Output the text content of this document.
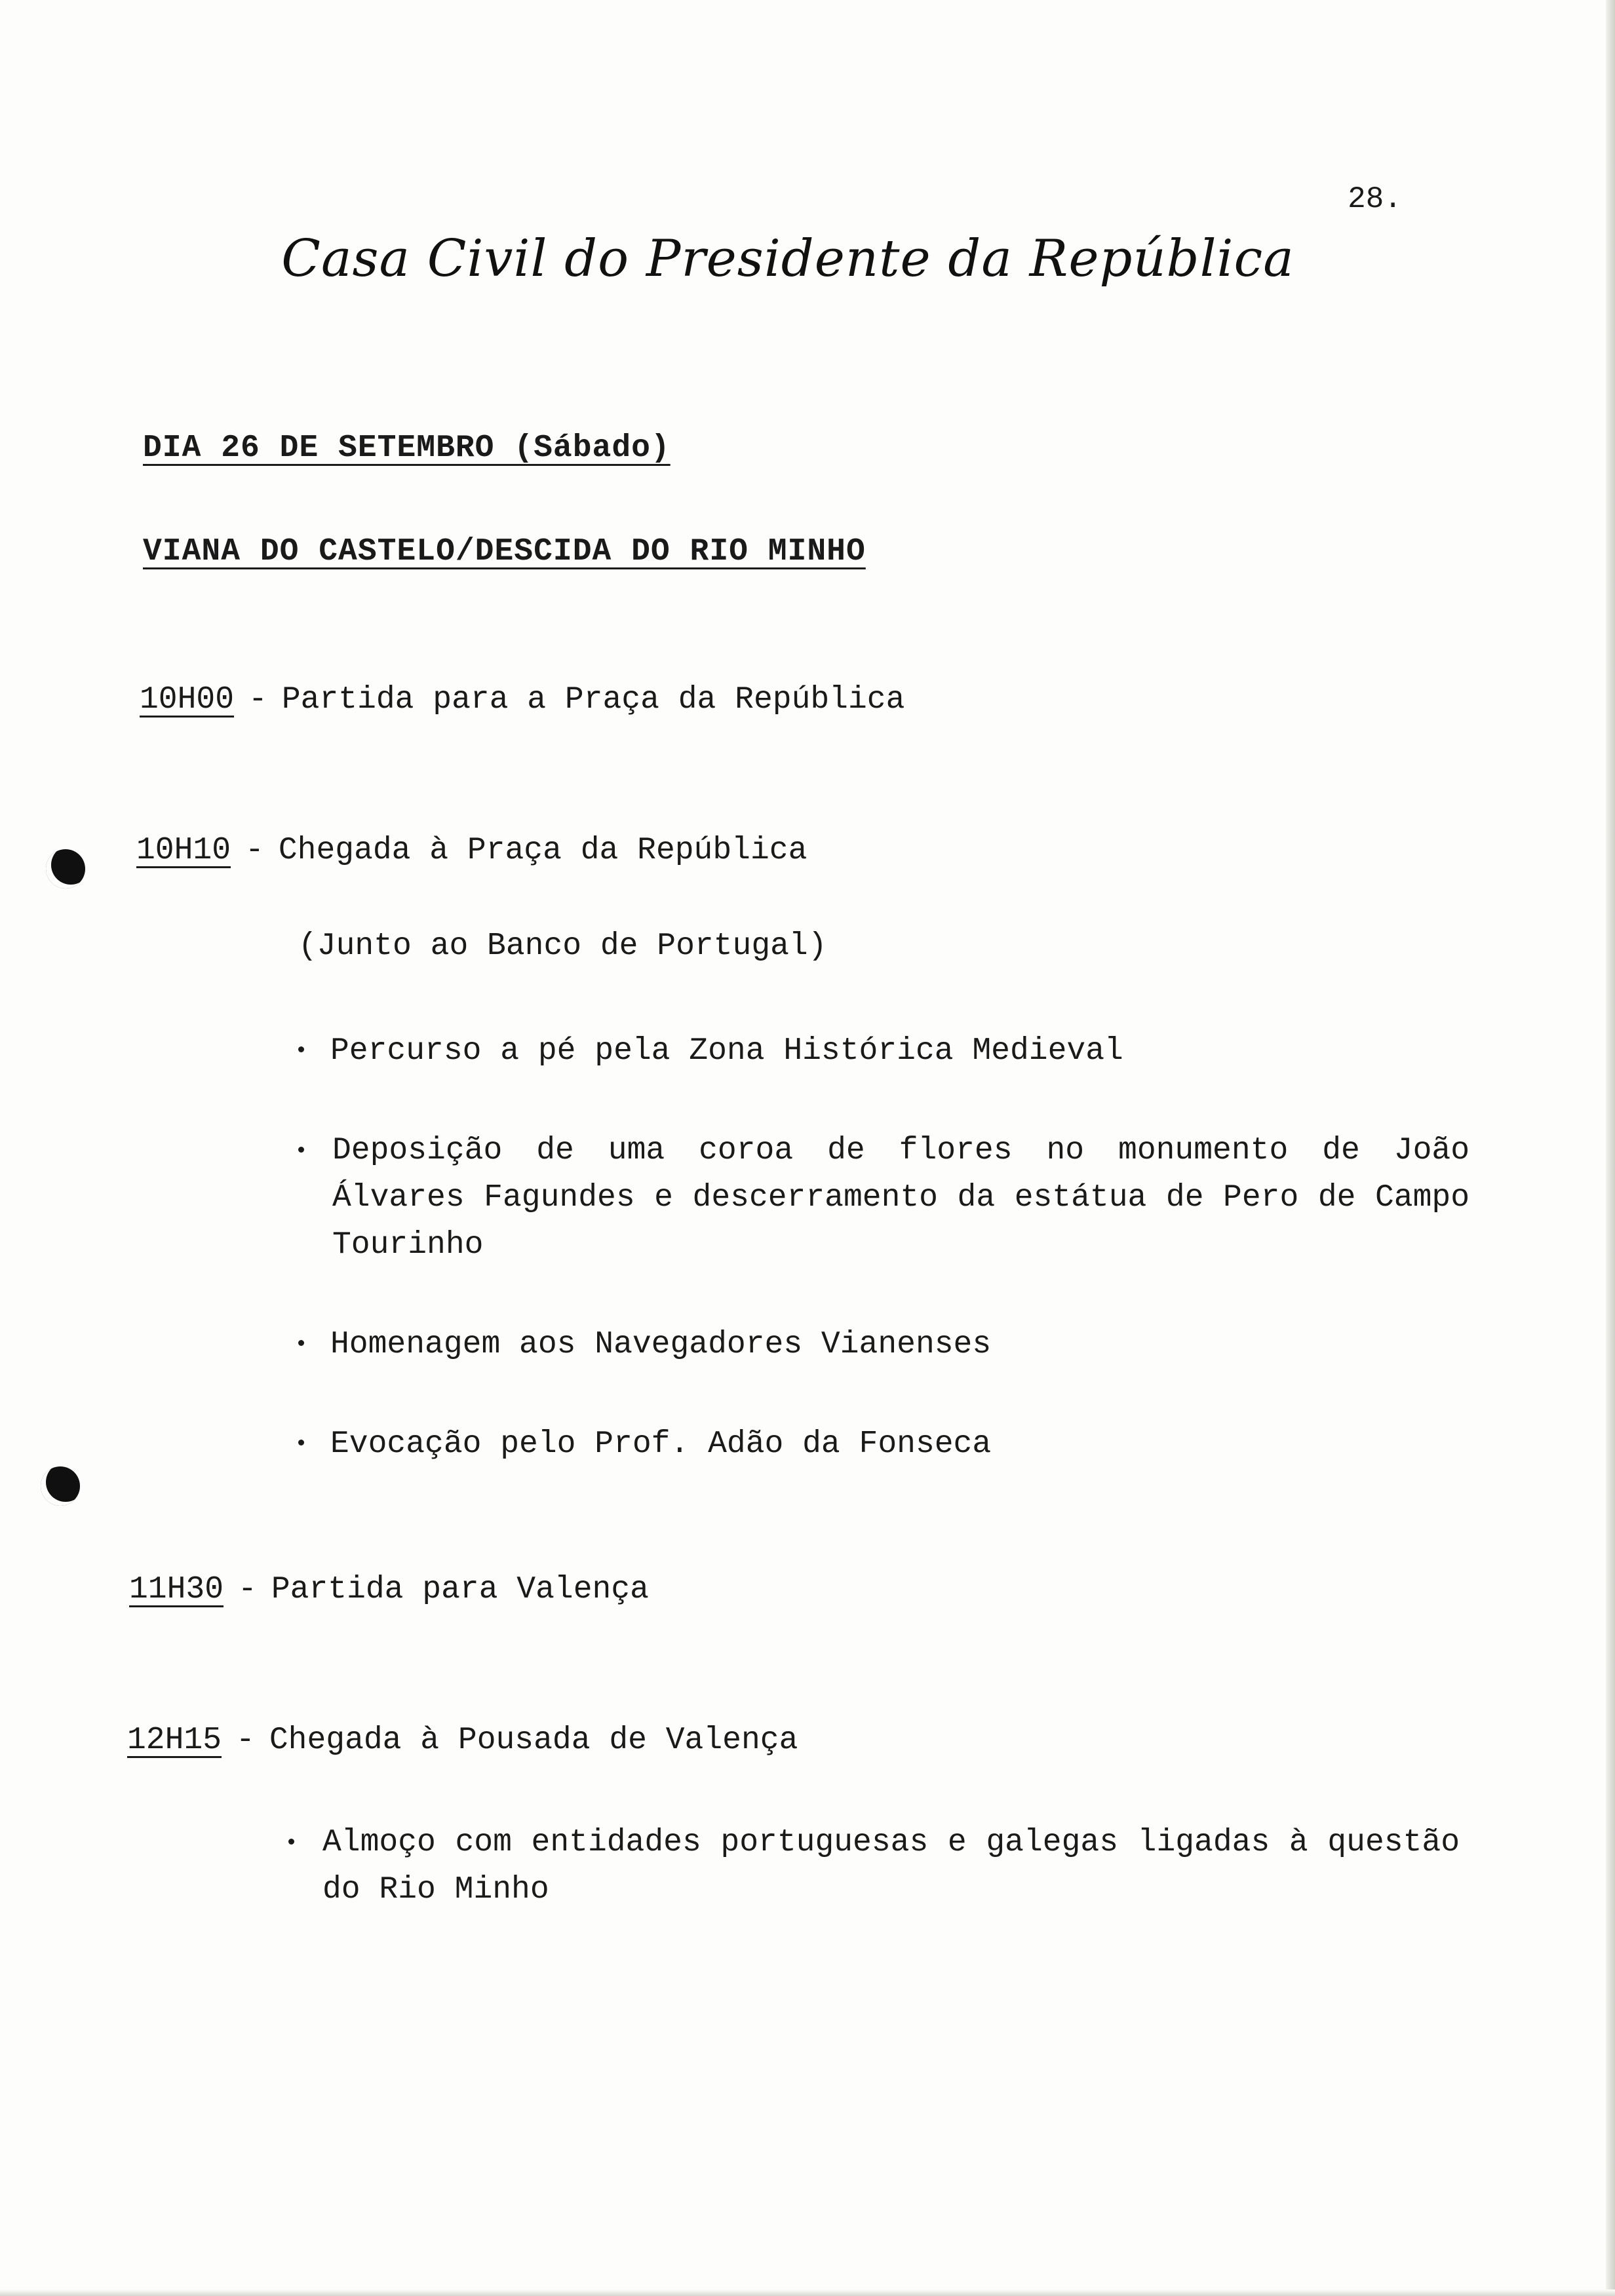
28.
Casa Civil do Presidente da República
DIA 26 DE SETEMBRO (Sábado)
VIANA DO CASTELO/DESCIDA DO RIO MINHO
10H00 - Partida para a Praça da República
10H10 - Chegada à Praça da República
(Junto ao Banco de Portugal)
Percurso a pé pela Zona Histórica Medieval
Deposição de uma coroa de flores no monumento de João Álvares Fagundes e descerramento da estátua de Pero de Campo Tourinho
Homenagem aos Navegadores Vianenses
Evocação pelo Prof. Adão da Fonseca
11H30 - Partida para Valença
12H15 - Chegada à Pousada de Valença
Almoço com entidades portuguesas e galegas ligadas à questão do Rio Minho
